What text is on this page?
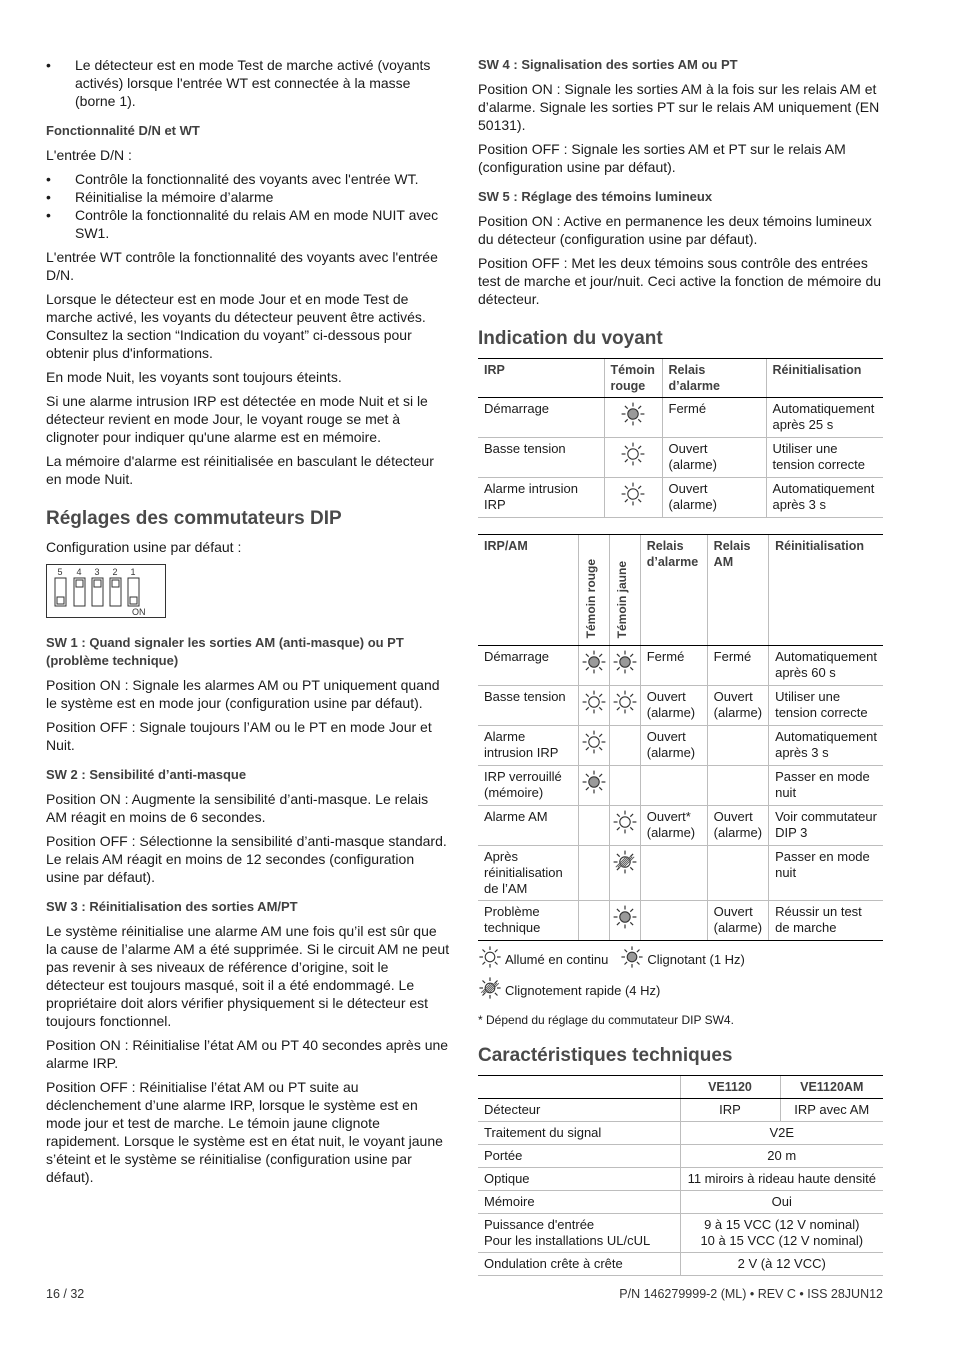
• Le détecteur est en mode Test de marche activé (voyants activés) lorsque l'entrée WT est connectée à la masse (borne 1).
Fonctionnalité D/N et WT

L'entrée D/N :

• Contrôle la fonctionnalité des voyants avec l'entrée WT.
• Réinitialise la mémoire d’alarme
• Contrôle la fonctionnalité du relais AM en mode NUIT avec SW1.

L'entrée WT contrôle la fonctionnalité des voyants avec l'entrée D/N.

Lorsque le détecteur est en mode Jour et en mode Test de marche activé, les voyants du détecteur peuvent être activés. Consultez la section “Indication du voyant” ci-dessous pour obtenir plus d'informations.

En mode Nuit, les voyants sont toujours éteints.

Si une alarme intrusion IRP est détectée en mode Nuit et si le détecteur revient en mode Jour, le voyant rouge se met à clignoter pour indiquer qu'une alarme est en mémoire.

La mémoire d'alarme est réinitialisée en basculant le détecteur en mode Nuit.

Réglages des commutateurs DIP

Configuration usine par défaut :

5 4 3 2 1
ON
SW 1 : Quand signaler les sorties AM (anti-masque) ou PT (problème technique)

Position ON : Signale les alarmes AM ou PT uniquement quand le système est en mode jour (configuration usine par défaut).

Position OFF : Signale toujours l’AM ou le PT en mode Jour et Nuit.

SW 2 : Sensibilité d’anti-masque

Position ON : Augmente la sensibilité d’anti-masque. Le relais AM réagit en moins de 6 secondes.

Position OFF : Sélectionne la sensibilité d’anti-masque standard. Le relais AM réagit en moins de 12 secondes (configuration usine par défaut).

SW 3 : Réinitialisation des sorties AM/PT

Le système réinitialise une alarme AM une fois qu’il est sûr que la cause de l’alarme AM a été supprimée. Si le circuit AM ne peut pas revenir à ses niveaux de référence d’origine, soit le détecteur est toujours masqué, soit il a été endommagé. Le propriétaire doit alors vérifier physiquement si le détecteur est toujours fonctionnel.

Position ON : Réinitialise l’état AM ou PT 40 secondes après une alarme IRP.

Position OFF : Réinitialise l’état AM ou PT suite au déclenchement d’une alarme IRP, lorsque le système est en mode jour et test de marche. Le témoin jaune clignote rapidement. Lorsque le système est en état nuit, le voyant jaune s’éteint et le système se réinitialise (configuration usine par défaut).

SW 4 : Signalisation des sorties AM ou PT

Position ON : Signale les sorties AM à la fois sur les relais AM et d’alarme. Signale les sorties PT sur le relais AM uniquement (EN 50131).

Position OFF : Signale les sorties AM et PT sur le relais AM (configuration usine par défaut).

SW 5 : Réglage des témoins lumineux

Position ON : Active en permanence les deux témoins lumineux du détecteur (configuration usine par défaut).

Position OFF : Met les deux témoins sous contrôle des entrées test de marche et jour/nuit. Ceci active la fonction de mémoire du détecteur.

Indication du voyant
IRP	Témoin rouge	Relais d’alarme	Réinitialisation
Démarrage		Fermé	Automatiquement après 25 s
Basse tension		Ouvert (alarme)	Utiliser une tension correcte
Alarme intrusion IRP		Ouvert (alarme)	Automatiquement après 3 s
IRP/AM	Témoin rouge	Témoin jaune	Relais d’alarme	Relais AM	Réinitialisation
Démarrage			Fermé	Fermé	Automatiquement après 60 s
Basse tension			Ouvert (alarme)	Ouvert (alarme)	Utiliser une tension correcte
Alarme intrusion IRP			Ouvert (alarme)		Automatiquement après 3 s
IRP verrouillé (mémoire)					Passer en mode nuit
Alarme AM			Ouvert* (alarme)	Ouvert (alarme)	Voir commutateur DIP 3
Après réinitialisation de l’AM					Passer en mode nuit
Problème technique				Ouvert (alarme)	Réussir un test de marche
Allumé en continu	Clignotant (1 Hz)
Clignotement rapide (4 Hz)
* Dépend du réglage du commutateur DIP SW4.
Caractéristiques techniques
	VE1120	VE1120AM
Détecteur	IRP	IRP avec AM
Traitement du signal	V2E	
Portée	20 m	
Optique	11 miroirs à rideau haute densité	
Mémoire	Oui	
Puissance d'entrée
Pour les installations UL/cUL	9 à 15 VCC (12 V nominal)
10 à 15 VCC (12 V nominal)	
Ondulation crête à crête	2 V (à 12 VCC)	
16 / 32	P/N 146279999-2 (ML) • REV C • ISS 28JUN12
